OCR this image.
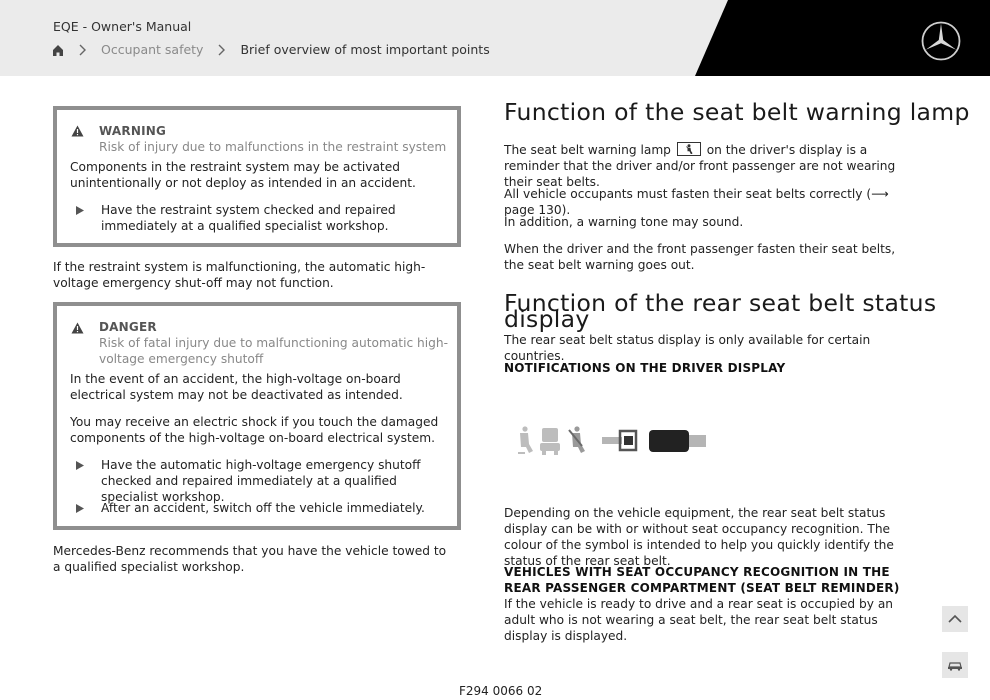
EQE - Owner's Manual
Occupant safety	Brief overview of most important points
WARNING
Risk of injury due to malfunctions in the restraint system
Components in the restraint system may be activated unintentionally or not deploy as intended in an accident.
Have the restraint system checked and repaired immediately at a qualified specialist workshop.
If the restraint system is malfunctioning, the automatic high-voltage emergency shut-off may not function.
DANGER
Risk of fatal injury due to malfunctioning automatic high-voltage emergency shutoff
In the event of an accident, the high-voltage on-board electrical system may not be deactivated as intended.
You may receive an electric shock if you touch the damaged components of the high-voltage on-board electrical system.
Have the automatic high-voltage emergency shutoff checked and repaired immediately at a qualified specialist workshop.
After an accident, switch off the vehicle immediately.
Mercedes-Benz recommends that you have the vehicle towed to a qualified specialist workshop.
Function of the seat belt warning lamp
The seat belt warning lamp	on the driver's display is a reminder that the driver and/or front passenger are not wearing their seat belts.
All vehicle occupants must fasten their seat belts correctly (⟶ page 130).
In addition, a warning tone may sound.
When the driver and the front passenger fasten their seat belts, the seat belt warning goes out.
Function of the rear seat belt status display
The rear seat belt status display is only available for certain countries.
NOTIFICATIONS ON THE DRIVER DISPLAY
Depending on the vehicle equipment, the rear seat belt status display can be with or without seat occupancy recognition. The colour of the symbol is intended to help you quickly identify the status of the rear seat belt.
VEHICLES WITH SEAT OCCUPANCY RECOGNITION IN THE REAR PASSENGER COMPARTMENT (SEAT BELT REMINDER)
If the vehicle is ready to drive and a rear seat is occupied by an adult who is not wearing a seat belt, the rear seat belt status display is displayed.
F294 0066 02
